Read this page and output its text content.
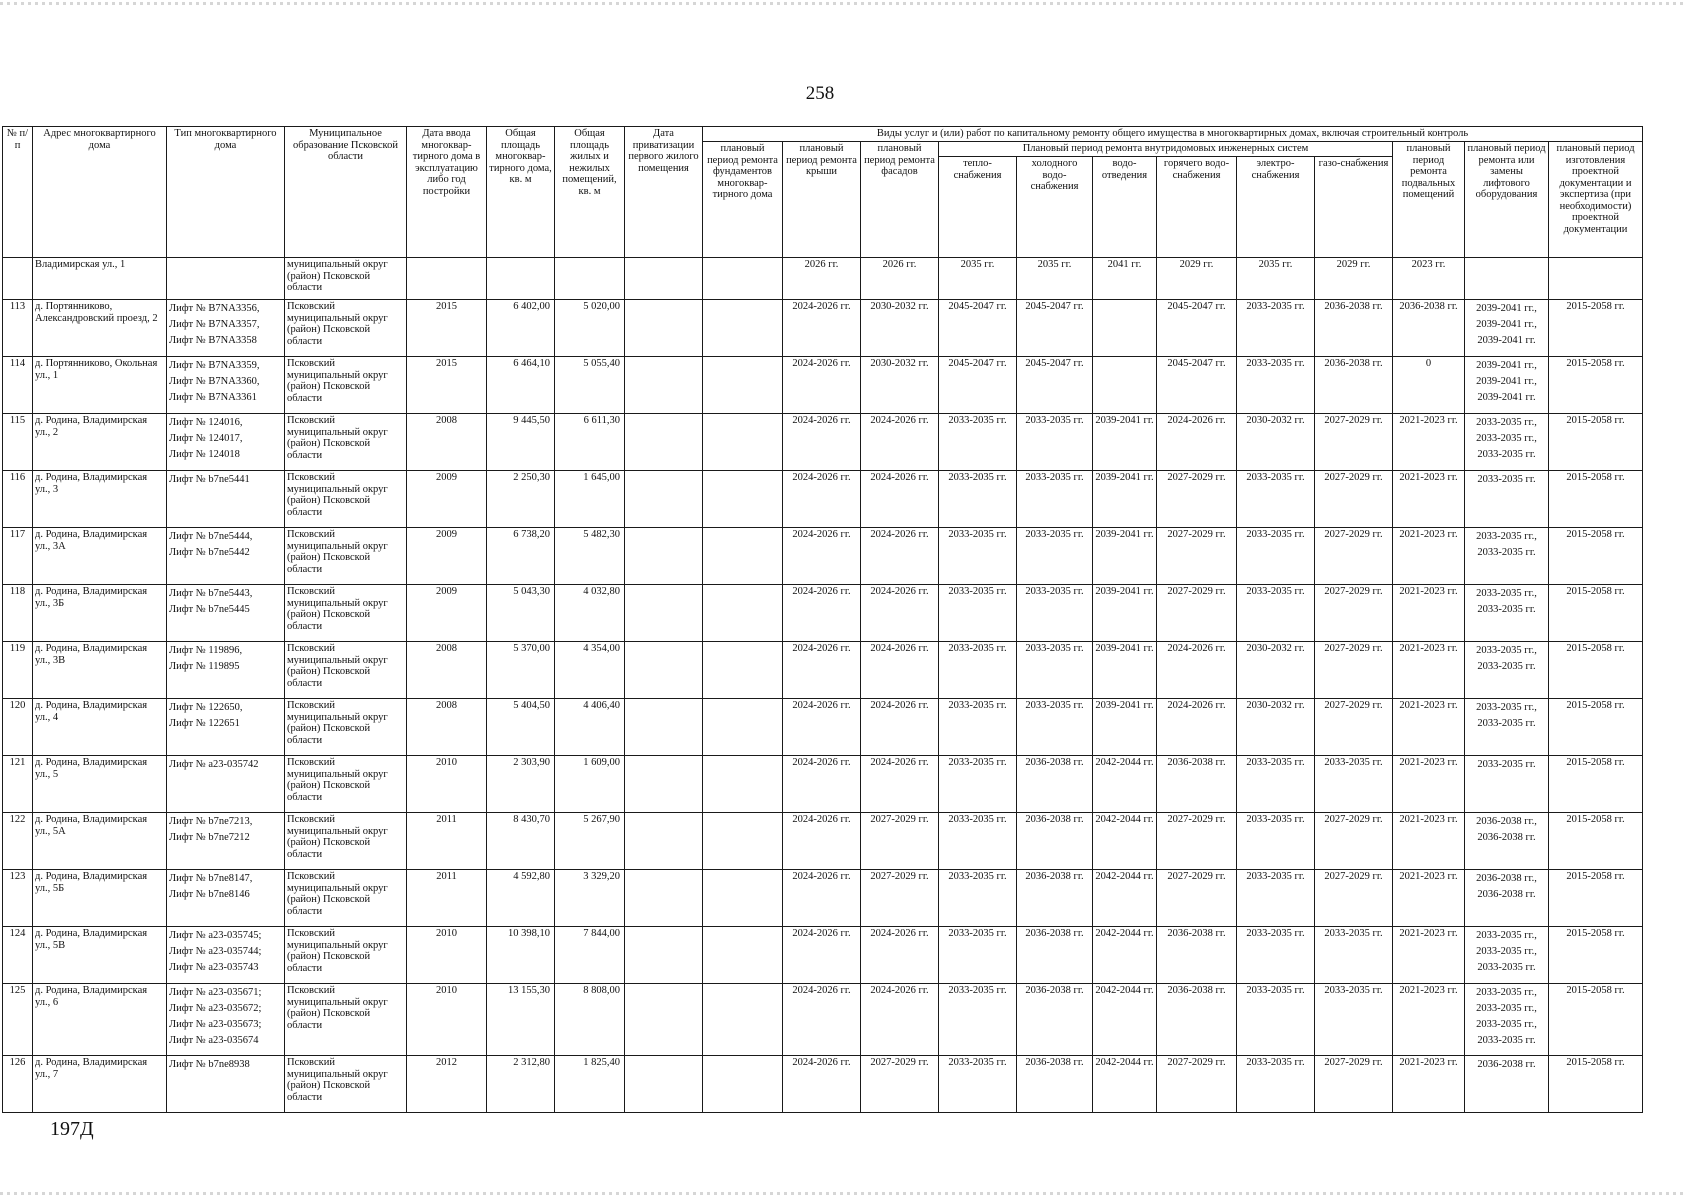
258
№ п/п	Адрес многоквартирного дома	Тип многоквартирного дома	Муниципальное образование Псковской области	Дата ввода многоквар-тирного дома в эксплуатацию либо год постройки	Общая площадь многоквар-тирного дома, кв. м	Общая площадь жилых и нежилых помещений, кв. м	Дата приватизации первого жилого помещения	Виды услуг и (или) работ по капитальному ремонту общего имущества в многоквартирных домах, включая строительный контроль											
								плановый период ремонта фундаментов многоквар-тирного дома	плановый период ремонта крыши	плановый период ремонта фасадов	Плановый период ремонта внутридомовых инженерных систем						плановый период ремонта подвальных помещений	плановый период ремонта или замены лифтового оборудования	плановый период изготовления проектной документации и экспертиза (при необходимости) проектной документации
											тепло-снабжения	холодного водо-снабжения	водо-отведения	горячего водо-снабжения	электро-снабжения	газо-снабжения			
	Владимирская ул., 1		муниципальный округ (район) Псковской области						2026 гг.	2026 гг.	2035 гг.	2035 гг.	2041 гг.	2029 гг.	2035 гг.	2029 гг.	2023 гг.		
113	д. Портянниково, Александровский проезд, 2	Лифт № B7NA3356,
Лифт № B7NA3357,
Лифт № B7NA3358	Псковский муниципальный округ (район) Псковской области	2015	6 402,00	5 020,00			2024-2026 гг.	2030-2032 гг.	2045-2047 гг.	2045-2047 гг.		2045-2047 гг.	2033-2035 гг.	2036-2038 гг.	2036-2038 гг.	2039-2041 гг.,
2039-2041 гг.,
2039-2041 гг.	2015-2058 гг.
114	д. Портянниково, Окольная ул., 1	Лифт № B7NA3359,
Лифт № B7NA3360,
Лифт № B7NA3361	Псковский муниципальный округ (район) Псковской области	2015	6 464,10	5 055,40			2024-2026 гг.	2030-2032 гг.	2045-2047 гг.	2045-2047 гг.		2045-2047 гг.	2033-2035 гг.	2036-2038 гг.	0	2039-2041 гг.,
2039-2041 гг.,
2039-2041 гг.	2015-2058 гг.
115	д. Родина, Владимирская ул., 2	Лифт № 124016,
Лифт № 124017,
Лифт № 124018	Псковский муниципальный округ (район) Псковской области	2008	9 445,50	6 611,30			2024-2026 гг.	2024-2026 гг.	2033-2035 гг.	2033-2035 гг.	2039-2041 гг.	2024-2026 гг.	2030-2032 гг.	2027-2029 гг.	2021-2023 гг.	2033-2035 гг.,
2033-2035 гг.,
2033-2035 гг.	2015-2058 гг.
116	д. Родина, Владимирская ул., 3	Лифт № b7ne5441	Псковский муниципальный округ (район) Псковской области	2009	2 250,30	1 645,00			2024-2026 гг.	2024-2026 гг.	2033-2035 гг.	2033-2035 гг.	2039-2041 гг.	2027-2029 гг.	2033-2035 гг.	2027-2029 гг.	2021-2023 гг.	2033-2035 гг.	2015-2058 гг.
117	д. Родина, Владимирская ул., 3А	Лифт № b7ne5444,
Лифт № b7ne5442	Псковский муниципальный округ (район) Псковской области	2009	6 738,20	5 482,30			2024-2026 гг.	2024-2026 гг.	2033-2035 гг.	2033-2035 гг.	2039-2041 гг.	2027-2029 гг.	2033-2035 гг.	2027-2029 гг.	2021-2023 гг.	2033-2035 гг.,
2033-2035 гг.	2015-2058 гг.
118	д. Родина, Владимирская ул., 3Б	Лифт № b7ne5443,
Лифт № b7ne5445	Псковский муниципальный округ (район) Псковской области	2009	5 043,30	4 032,80			2024-2026 гг.	2024-2026 гг.	2033-2035 гг.	2033-2035 гг.	2039-2041 гг.	2027-2029 гг.	2033-2035 гг.	2027-2029 гг.	2021-2023 гг.	2033-2035 гг.,
2033-2035 гг.	2015-2058 гг.
119	д. Родина, Владимирская ул., 3В	Лифт № 119896,
Лифт № 119895	Псковский муниципальный округ (район) Псковской области	2008	5 370,00	4 354,00			2024-2026 гг.	2024-2026 гг.	2033-2035 гг.	2033-2035 гг.	2039-2041 гг.	2024-2026 гг.	2030-2032 гг.	2027-2029 гг.	2021-2023 гг.	2033-2035 гг.,
2033-2035 гг.	2015-2058 гг.
120	д. Родина, Владимирская ул., 4	Лифт № 122650,
Лифт № 122651	Псковский муниципальный округ (район) Псковской области	2008	5 404,50	4 406,40			2024-2026 гг.	2024-2026 гг.	2033-2035 гг.	2033-2035 гг.	2039-2041 гг.	2024-2026 гг.	2030-2032 гг.	2027-2029 гг.	2021-2023 гг.	2033-2035 гг.,
2033-2035 гг.	2015-2058 гг.
121	д. Родина, Владимирская ул., 5	Лифт № a23-035742	Псковский муниципальный округ (район) Псковской области	2010	2 303,90	1 609,00			2024-2026 гг.	2024-2026 гг.	2033-2035 гг.	2036-2038 гг.	2042-2044 гг.	2036-2038 гг.	2033-2035 гг.	2033-2035 гг.	2021-2023 гг.	2033-2035 гг.	2015-2058 гг.
122	д. Родина, Владимирская ул., 5А	Лифт № b7ne7213,
Лифт № b7ne7212	Псковский муниципальный округ (район) Псковской области	2011	8 430,70	5 267,90			2024-2026 гг.	2027-2029 гг.	2033-2035 гг.	2036-2038 гг.	2042-2044 гг.	2027-2029 гг.	2033-2035 гг.	2027-2029 гг.	2021-2023 гг.	2036-2038 гг.,
2036-2038 гг.	2015-2058 гг.
123	д. Родина, Владимирская ул., 5Б	Лифт № b7ne8147,
Лифт № b7ne8146	Псковский муниципальный округ (район) Псковской области	2011	4 592,80	3 329,20			2024-2026 гг.	2027-2029 гг.	2033-2035 гг.	2036-2038 гг.	2042-2044 гг.	2027-2029 гг.	2033-2035 гг.	2027-2029 гг.	2021-2023 гг.	2036-2038 гг.,
2036-2038 гг.	2015-2058 гг.
124	д. Родина, Владимирская ул., 5В	Лифт № a23-035745;
Лифт № a23-035744;
Лифт № a23-035743	Псковский муниципальный округ (район) Псковской области	2010	10 398,10	7 844,00			2024-2026 гг.	2024-2026 гг.	2033-2035 гг.	2036-2038 гг.	2042-2044 гг.	2036-2038 гг.	2033-2035 гг.	2033-2035 гг.	2021-2023 гг.	2033-2035 гг.,
2033-2035 гг.,
2033-2035 гг.	2015-2058 гг.
125	д. Родина, Владимирская ул., 6	Лифт № a23-035671;
Лифт № a23-035672;
Лифт № a23-035673;
Лифт № a23-035674	Псковский муниципальный округ (район) Псковской области	2010	13 155,30	8 808,00			2024-2026 гг.	2024-2026 гг.	2033-2035 гг.	2036-2038 гг.	2042-2044 гг.	2036-2038 гг.	2033-2035 гг.	2033-2035 гг.	2021-2023 гг.	2033-2035 гг.,
2033-2035 гг.,
2033-2035 гг.,
2033-2035 гг.	2015-2058 гг.
126	д. Родина, Владимирская ул., 7	Лифт № b7ne8938	Псковский муниципальный округ (район) Псковской области	2012	2 312,80	1 825,40			2024-2026 гг.	2027-2029 гг.	2033-2035 гг.	2036-2038 гг.	2042-2044 гг.	2027-2029 гг.	2033-2035 гг.	2027-2029 гг.	2021-2023 гг.	2036-2038 гг.	2015-2058 гг.
197Д
